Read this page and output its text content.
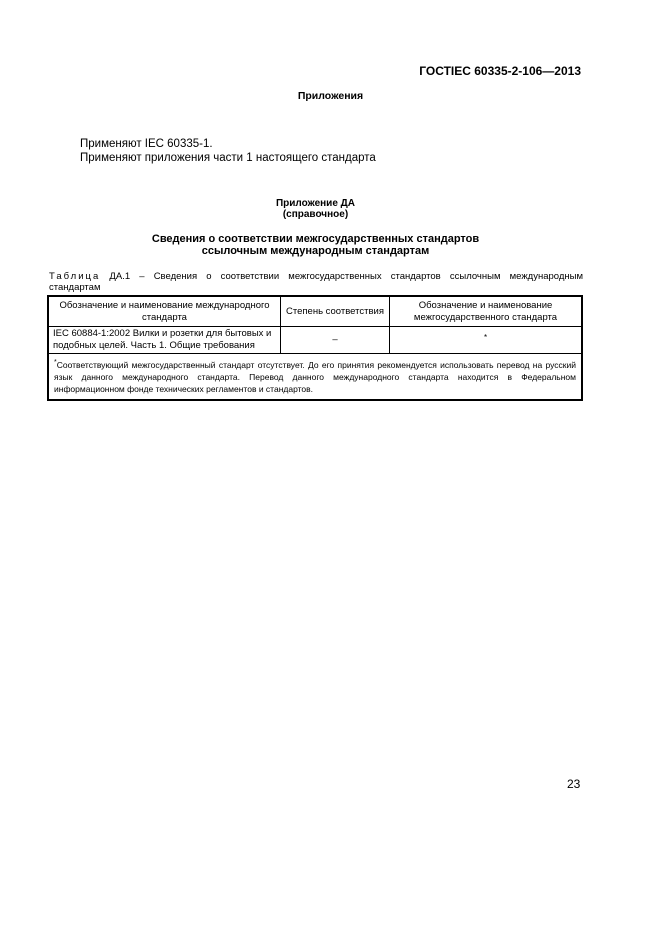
ГОСТIEC 60335-2-106—2013
Приложения
Применяют IEC 60335-1.
Применяют приложения части 1 настоящего стандарта
Приложение ДА
(справочное)
Сведения о соответствии межгосударственных стандартов
ссылочным международным стандартам
Таблица ДА.1 – Сведения о соответствии межгосударственных стандартов ссылочным международным
стандартам
Обозначение и наименование международного стандарта	Степень соответствия	Обозначение и наименование межгосударственного стандарта
IEC 60884-1:2002 Вилки и розетки для бытовых и подобных целей. Часть 1. Общие требования	–	*
*Соответствующий межгосударственный стандарт отсутствует. До его принятия рекомендуется использовать перевод на русский язык данного международного стандарта. Перевод данного международного стандарта находится в Федеральном информационном фонде технических регламентов и стандартов.		
23
